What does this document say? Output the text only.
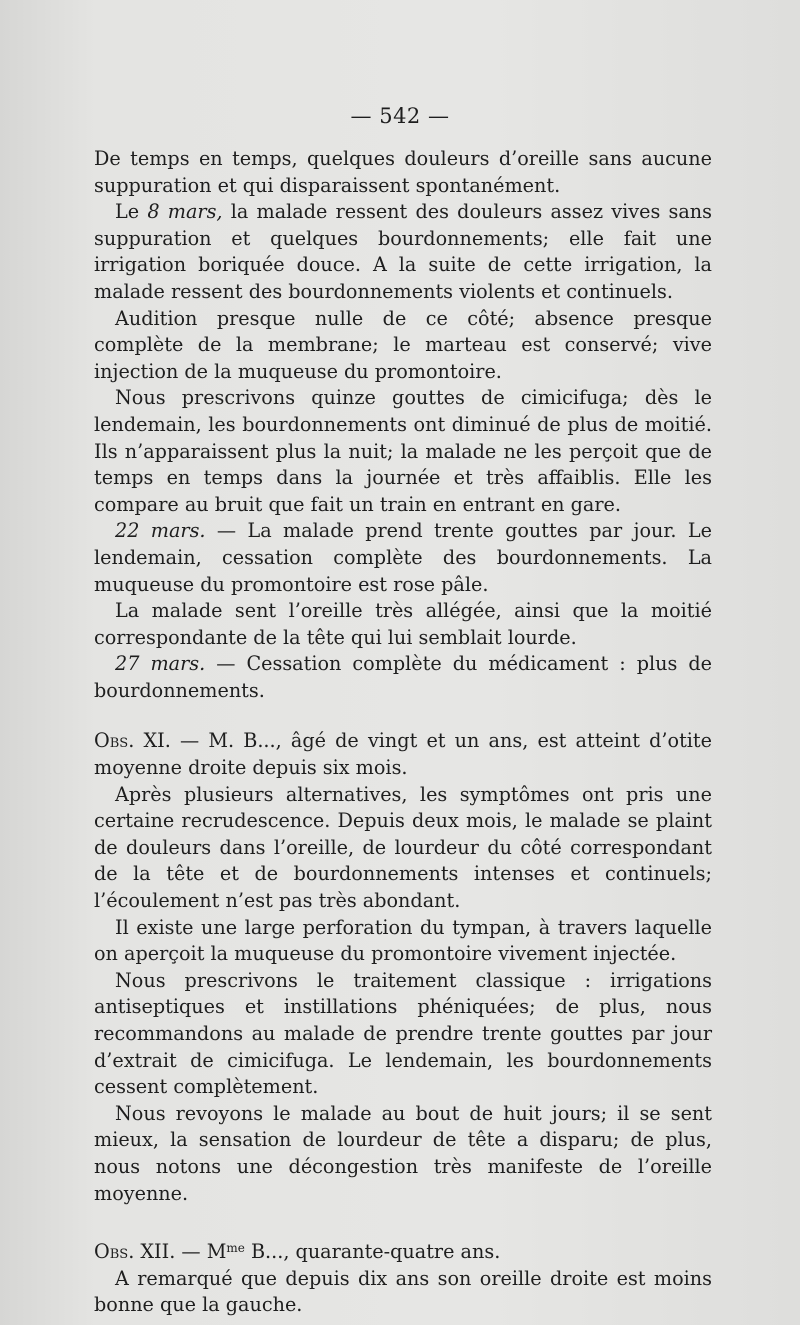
— 542 —

De temps en temps, quelques douleurs d’oreille sans aucune suppuration et qui disparaissent spontanément.

Le 8 mars, la malade ressent des douleurs assez vives sans suppuration et quelques bourdonnements; elle fait une irrigation boriquée douce. A la suite de cette irrigation, la malade ressent des bourdonnements violents et continuels.

Audition presque nulle de ce côté; absence presque complète de la membrane; le marteau est conservé; vive injection de la muqueuse du promontoire.

Nous prescrivons quinze gouttes de cimicifuga; dès le lendemain, les bourdonnements ont diminué de plus de moitié. Ils n’apparaissent plus la nuit; la malade ne les perçoit que de temps en temps dans la journée et très affaiblis. Elle les compare au bruit que fait un train en entrant en gare.

22 mars. — La malade prend trente gouttes par jour. Le lendemain, cessation complète des bourdonnements. La muqueuse du promontoire est rose pâle.

La malade sent l’oreille très allégée, ainsi que la moitié correspondante de la tête qui lui semblait lourde.

27 mars. — Cessation complète du médicament : plus de bourdonnements.

Obs. XI. — M. B..., âgé de vingt et un ans, est atteint d’otite moyenne droite depuis six mois.

Après plusieurs alternatives, les symptômes ont pris une certaine recrudescence. Depuis deux mois, le malade se plaint de douleurs dans l’oreille, de lourdeur du côté correspondant de la tête et de bourdonnements intenses et continuels; l’écoulement n’est pas très abondant.

Il existe une large perforation du tympan, à travers laquelle on aperçoit la muqueuse du promontoire vivement injectée.

Nous prescrivons le traitement classique : irrigations antiseptiques et instillations phéniquées; de plus, nous recommandons au malade de prendre trente gouttes par jour d’extrait de cimicifuga. Le lendemain, les bourdonnements cessent complètement.

Nous revoyons le malade au bout de huit jours; il se sent mieux, la sensation de lourdeur de tête a disparu; de plus, nous notons une décongestion très manifeste de l’oreille moyenne.

Obs. XII. — $M^{me}$ B..., quarante-quatre ans.

A remarqué que depuis dix ans son oreille droite est moins bonne que la gauche.
